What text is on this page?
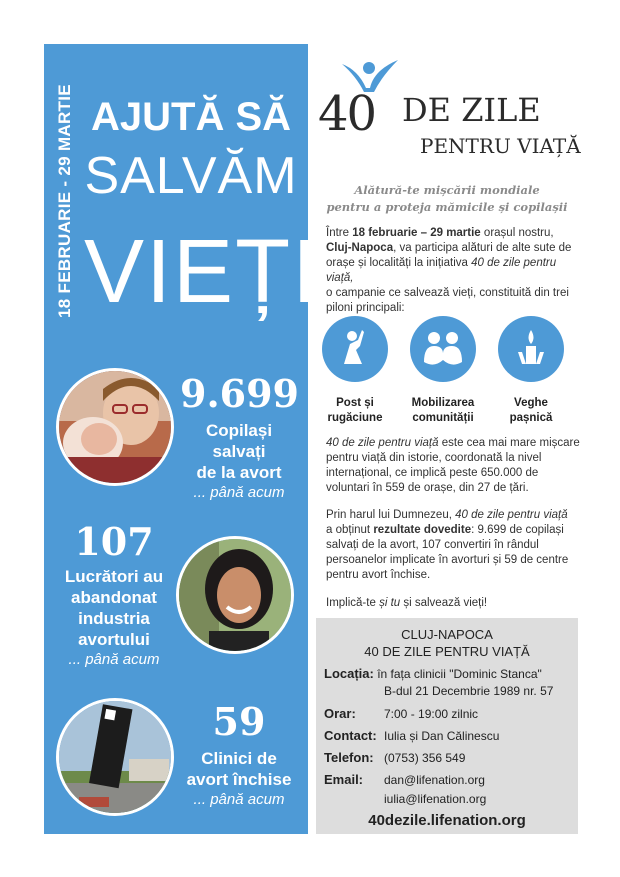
18 FEBRUARIE - 29 MARTIE AJUTĂ SĂ
SALVĂM
VIEȚI
9.699
Copilași salvați
de la avort
... până acum
107
Lucrători au
abandonat
industria
avortului
... până acum
59
Clinici de
avort închise
... până acum
40 DE ZILE
PENTRU VIAȚĂ
Alătură-te mișcării mondiale
pentru a proteja mămicile și copilașii
Între 18 februarie – 29 martie orașul nostru,
Cluj-Napoca, va participa alături de alte sute de
orașe și localități la inițiativa 40 de zile pentru viață,
o campanie ce salvează vieți, constituită din trei
piloni principali:
Post și
rugăciune
Mobilizarea
comunității
Veghe
pașnică
40 de zile pentru viață este cea mai mare mișcare
pentru viață din istorie, coordonată la nivel
internațional, ce implică peste 650.000 de
voluntari în 559 de orașe, din 27 de țări.
Prin harul lui Dumnezeu, 40 de zile pentru viață
a obținut rezultate dovedite: 9.699 de copilași
salvați de la avort, 107 convertiri în rândul
persoanelor implicate în avorturi și 59 de centre
pentru avort închise.
Implică-te și tu și salvează vieți!
CLUJ-NAPOCA
40 DE ZILE PENTRU VIAȚĂ
Locația: în fața clinicii "Dominic Stanca"
B-dul 21 Decembrie 1989 nr. 57
Orar: 7:00 - 19:00 zilnic
Contact: Iulia și Dan Călinescu
Telefon: (0753) 356 549
Email: dan@lifenation.org
iulia@lifenation.org
40dezile.lifenation.org
